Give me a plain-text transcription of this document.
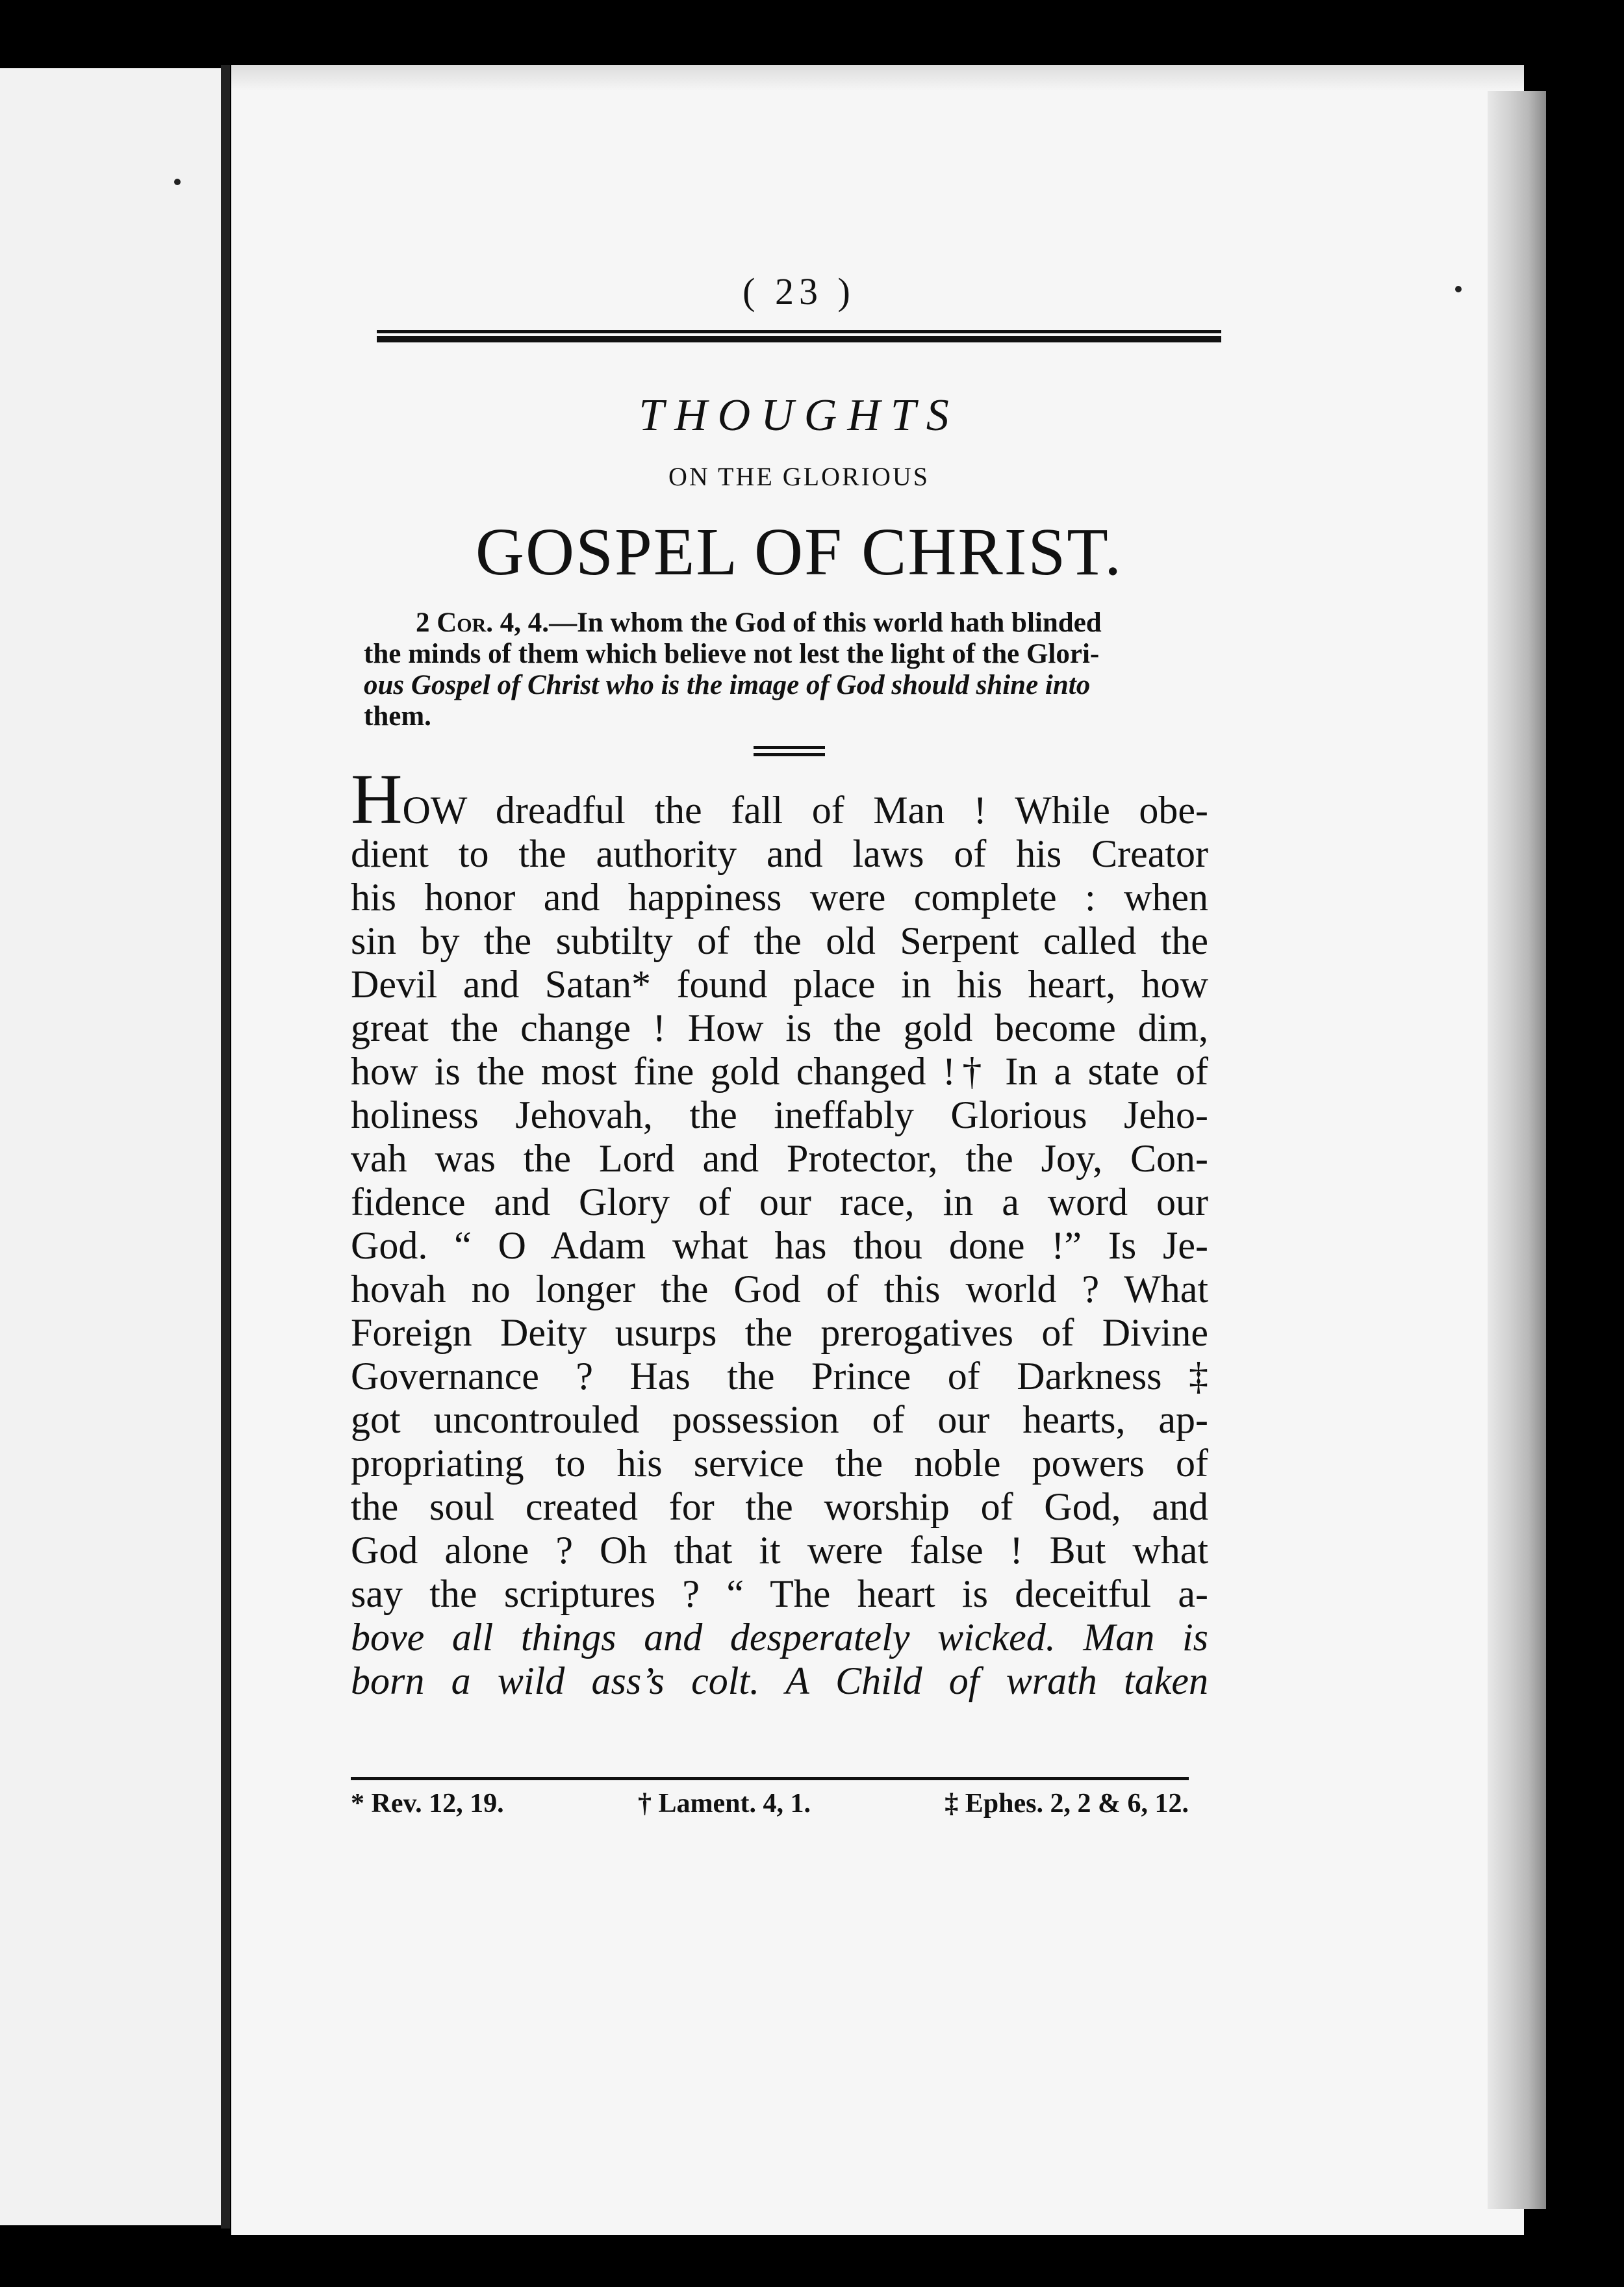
( 23 )
THOUGHTS
ON THE GLORIOUS
GOSPEL OF CHRIST.
2 Cor. 4, 4.—In whom the God of this world hath blinded
the minds of them which believe not lest the light of the Glori-
ous Gospel of Christ who is the image of God should shine into
them.
HOW dreadful the fall of Man ! While obe-
dient to the authority and laws of his Creator
his honor and happiness were complete : when
sin by the subtilty of the old Serpent called the
Devil and Satan* found place in his heart, how
great the change ! How is the gold become dim,
how is the most fine gold changed !† In a state of
holiness Jehovah, the ineffably Glorious Jeho-
vah was the Lord and Protector, the Joy, Con-
fidence and Glory of our race, in a word our
God. “ O Adam what has thou done !” Is Je-
hovah no longer the God of this world ? What
Foreign Deity usurps the prerogatives of Divine
Governance ? Has the Prince of Darkness‡
got uncontrouled possession of our hearts, ap-
propriating to his service the noble powers of
the soul created for the worship of God, and
God alone ? Oh that it were false ! But what
say the scriptures ? “ The heart is deceitful a-
bove all things and desperately wicked. Man is
born a wild ass’s colt. A Child of wrath taken
* Rev. 12, 19.	† Lament. 4, 1.	‡ Ephes. 2, 2 & 6, 12.
